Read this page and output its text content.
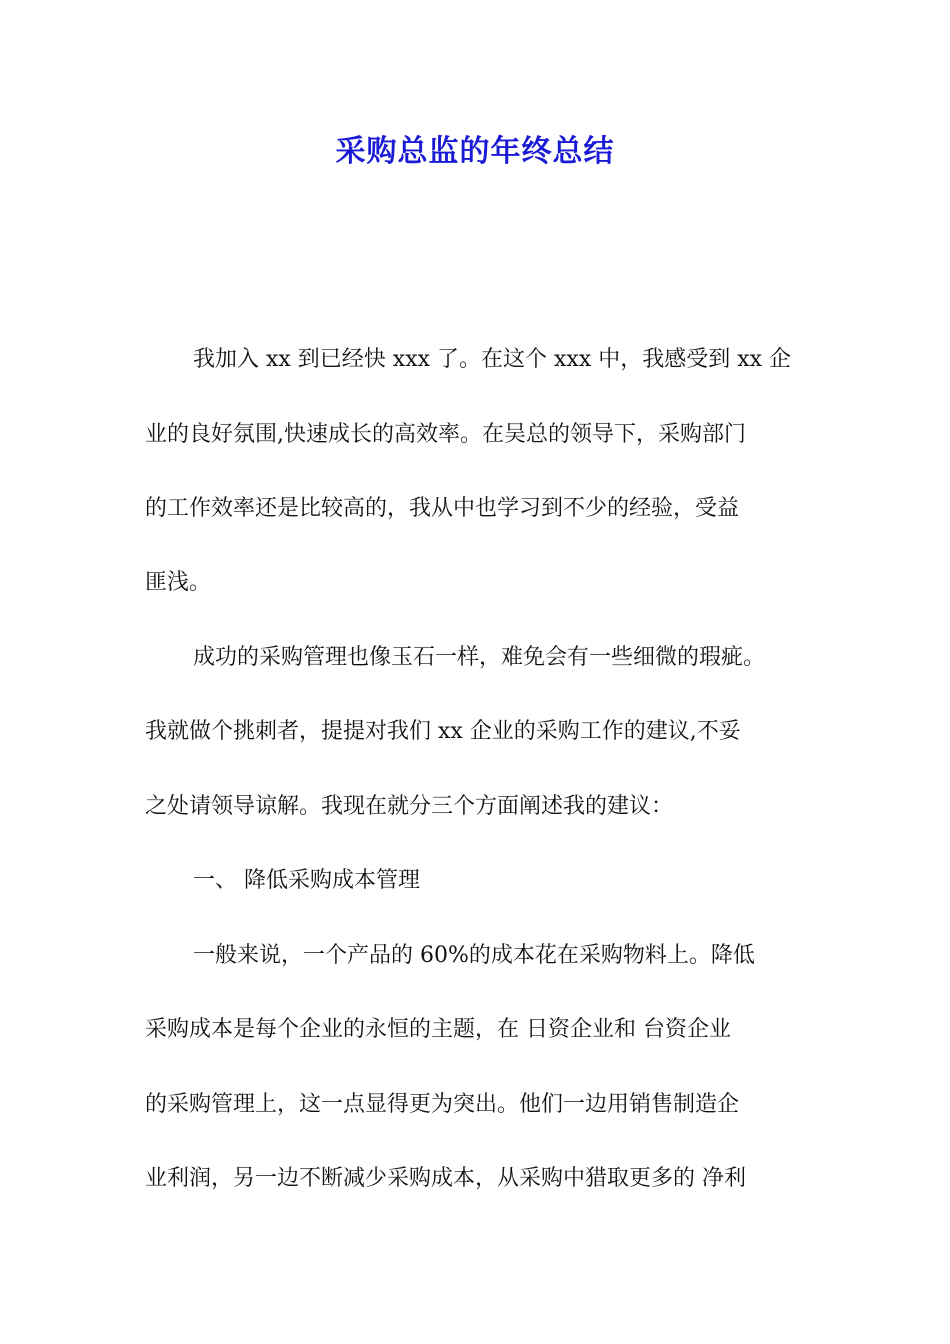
采购总监的年终总结

我加入 xx 到已经快 xxx 了。在这个 xxx 中，我感受到 xx 企

业的良好氛围,快速成长的高效率。在吴总的领导下，采购部门

的工作效率还是比较高的，我从中也学习到不少的经验，受益

匪浅。

成功的采购管理也像玉石一样，难免会有一些细微的瑕疵。

我就做个挑刺者，提提对我们 xx 企业的采购工作的建议,不妥

之处请领导谅解。我现在就分三个方面阐述我的建议：

一、 降低采购成本管理

一般来说，一个产品的 60%的成本花在采购物料上。降低

采购成本是每个企业的永恒的主题，在 日资企业和 台资企业

的采购管理上，这一点显得更为突出。他们一边用销售制造企

业利润，另一边不断减少采购成本，从采购中猎取更多的 净利
